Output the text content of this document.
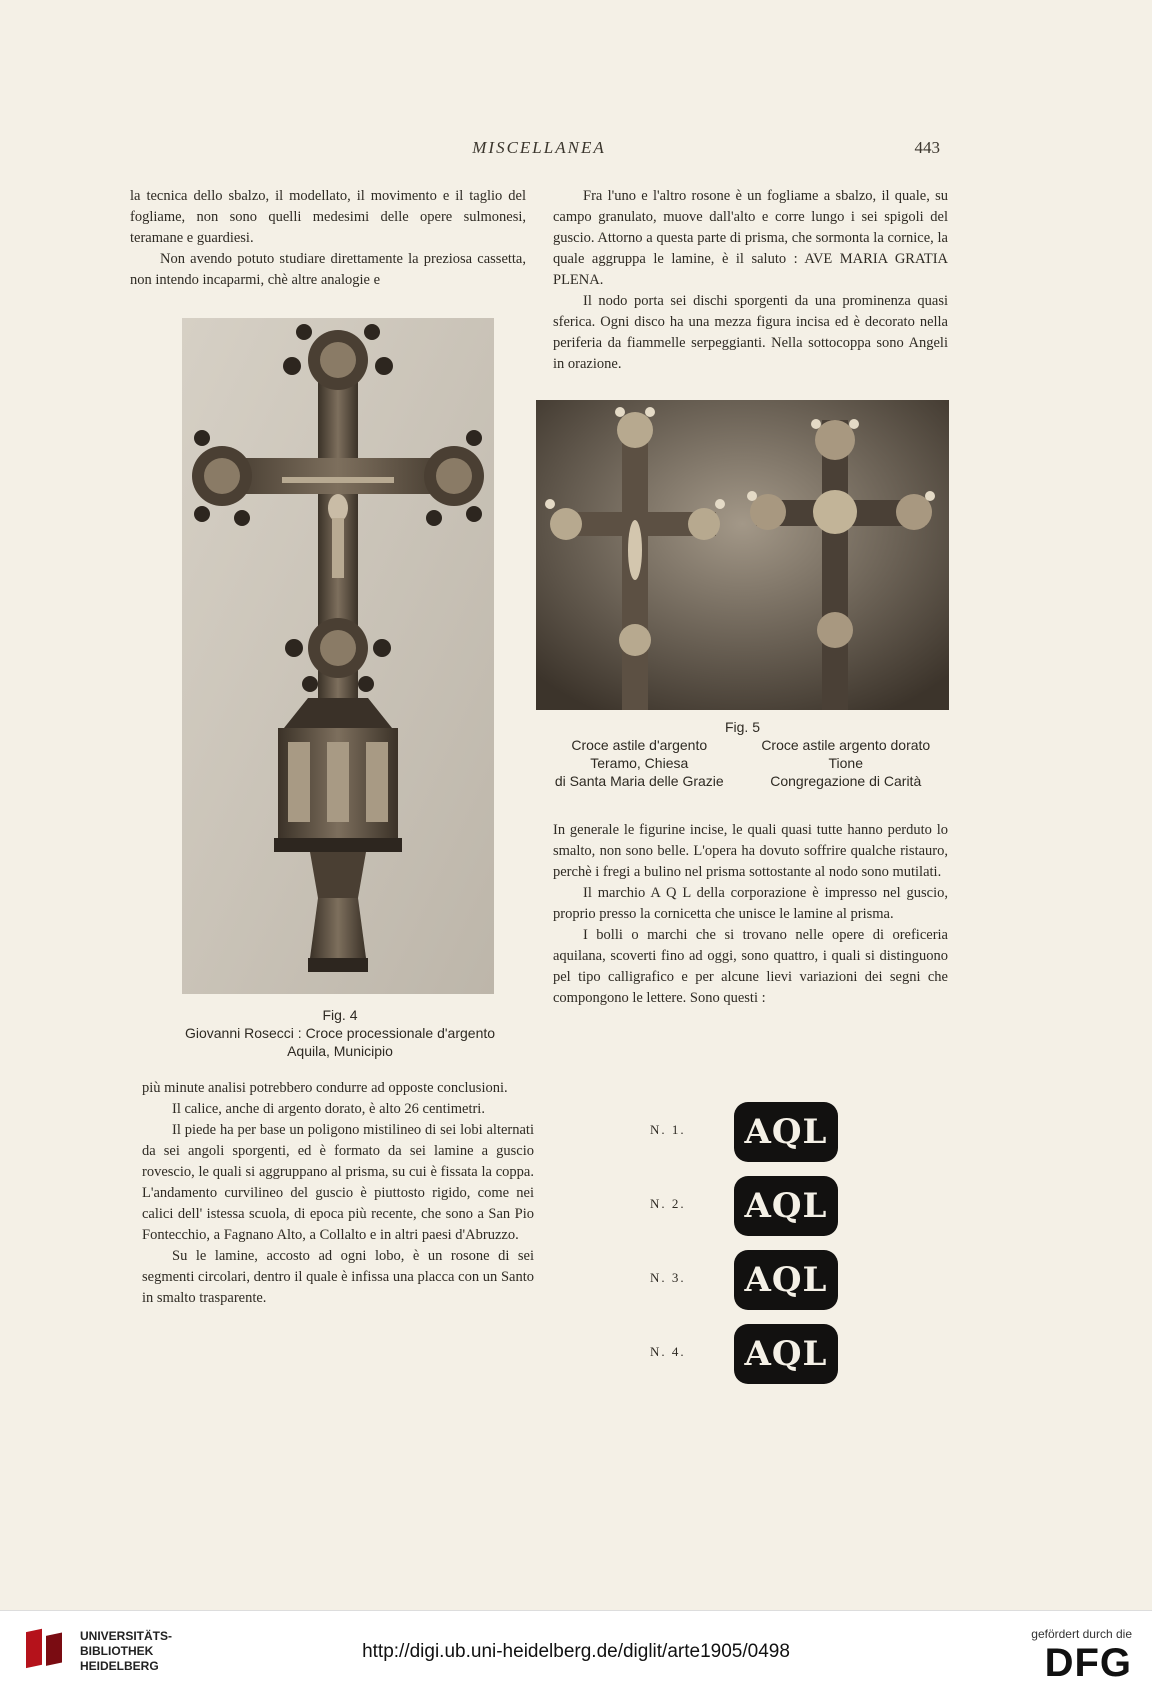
MISCELLANEA	443

la tecnica dello sbalzo, il modellato, il movimento e il taglio del fogliame, non sono quelli medesimi delle opere sulmonesi, teramane e guardiesi.

Non avendo potuto studiare direttamente la preziosa cassetta, non intendo incaparmi, chè altre analogie e

Fra l'uno e l'altro rosone è un fogliame a sbalzo, il quale, su campo granulato, muove dall'alto e corre lungo i sei spigoli del guscio. Attorno a questa parte di prisma, che sormonta la cornice, la quale aggruppa le lamine, è il saluto : AVE MARIA GRATIA PLENA.

Il nodo porta sei dischi sporgenti da una prominenza quasi sferica. Ogni disco ha una mezza figura incisa ed è decorato nella periferia da fiammelle serpeggianti. Nella sottocoppa sono Angeli in orazione.

Fig. 4
Giovanni Rosecci : Croce processionale d'argento
Aquila, Municipio
Fig. 5
Croce astile d'argento
Teramo, Chiesa
di Santa Maria delle Grazie
Croce astile argento dorato
Tione
Congregazione di Carità

più minute analisi potrebbero condurre ad opposte conclusioni.

Il calice, anche di argento dorato, è alto 26 centimetri.

Il piede ha per base un poligono mistilineo di sei lobi alternati da sei angoli sporgenti, ed è formato da sei lamine a guscio rovescio, le quali si aggruppano al prisma, su cui è fissata la coppa. L'andamento curvilineo del guscio è piuttosto rigido, come nei calici dell' istessa scuola, di epoca più recente, che sono a San Pio Fontecchio, a Fagnano Alto, a Collalto e in altri paesi d'Abruzzo.

Su le lamine, accosto ad ogni lobo, è un rosone di sei segmenti circolari, dentro il quale è infissa una placca con un Santo in smalto trasparente.

In generale le figurine incise, le quali quasi tutte hanno perduto lo smalto, non sono belle. L'opera ha dovuto soffrire qualche ristauro, perchè i fregi a bulino nel prisma sottostante al nodo sono mutilati.

Il marchio A Q L della corporazione è impresso nel guscio, proprio presso la cornicetta che unisce le lamine al prisma.

I bolli o marchi che si trovano nelle opere di oreficeria aquilana, scoverti fino ad oggi, sono quattro, i quali si distinguono pel tipo calligrafico e per alcune lievi variazioni dei segni che compongono le lettere. Sono questi :

N. 1. AQL
N. 2. AQL
N. 3. AQL
N. 4. AQL
UNIVERSITÄTS-
BIBLIOTHEK
HEIDELBERG
http://digi.ub.uni-heidelberg.de/diglit/arte1905/0498
gefördert durch die
DFG
